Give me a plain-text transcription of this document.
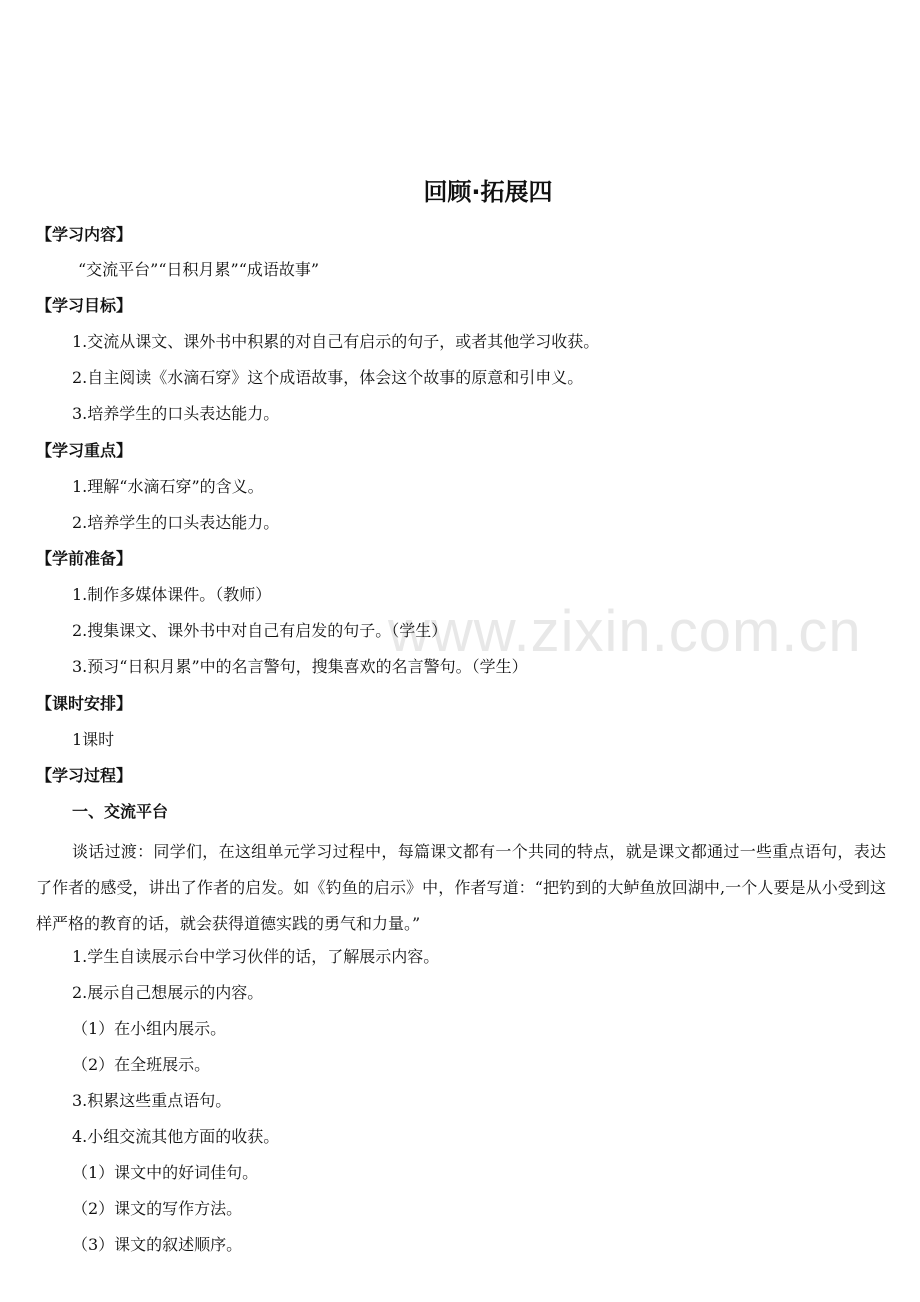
www.zixin.com.cn
回顾·拓展四
【学习内容】
“交流平台”“日积月累”“成语故事”
【学习目标】
1.交流从课文、课外书中积累的对自己有启示的句子，或者其他学习收获。
2.自主阅读《水滴石穿》这个成语故事，体会这个故事的原意和引申义。
3.培养学生的口头表达能力。
【学习重点】
1.理解“水滴石穿”的含义。
2.培养学生的口头表达能力。
【学前准备】
1.制作多媒体课件。（教师）
2.搜集课文、课外书中对自己有启发的句子。（学生）
3.预习“日积月累”中的名言警句，搜集喜欢的名言警句。（学生）
【课时安排】
1课时
【学习过程】
一、交流平台
谈话过渡：同学们，在这组单元学习过程中，每篇课文都有一个共同的特点，就是课文都通过一些重点语句，表达了作者的感受，讲出了作者的启发。如《钓鱼的启示》中，作者写道：“把钓到的大鲈鱼放回湖中,一个人要是从小受到这样严格的教育的话，就会获得道德实践的勇气和力量。”
1.学生自读展示台中学习伙伴的话，了解展示内容。
2.展示自己想展示的内容。
（1）在小组内展示。
（2）在全班展示。
3.积累这些重点语句。
4.小组交流其他方面的收获。
（1）课文中的好词佳句。
（2）课文的写作方法。
（3）课文的叙述顺序。
